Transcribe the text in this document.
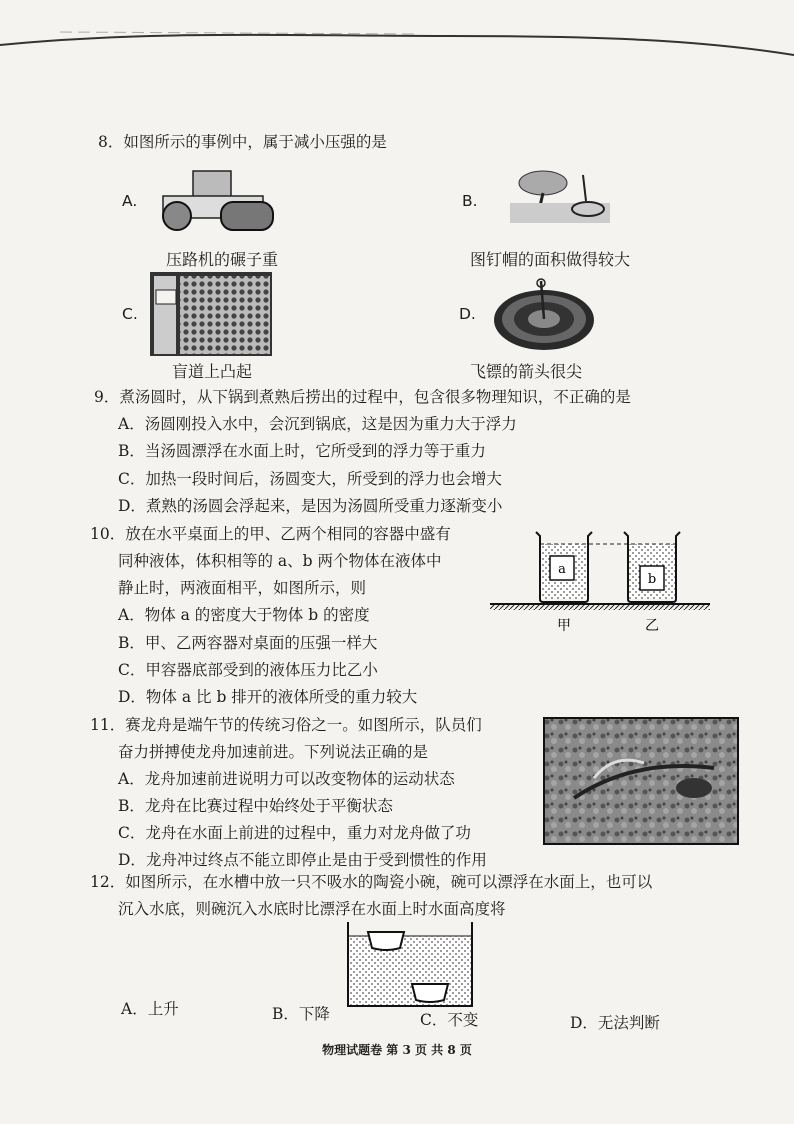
8．如图所示的事例中，属于减小压强的是
A.
压路机的碾子重
B.
图钉帽的面积做得较大
C.
盲道上凸起
D.
飞镖的箭头很尖
9．煮汤圆时，从下锅到煮熟后捞出的过程中，包含很多物理知识，不正确的是
A．汤圆刚投入水中，会沉到锅底，这是因为重力大于浮力
B．当汤圆漂浮在水面上时，它所受到的浮力等于重力
C．加热一段时间后，汤圆变大，所受到的浮力也会增大
D．煮熟的汤圆会浮起来，是因为汤圆所受重力逐渐变小
10．放在水平桌面上的甲、乙两个相同的容器中盛有
同种液体，体积相等的 a、b 两个物体在液体中
静止时，两液面相平，如图所示，则
A．物体 a 的密度大于物体 b 的密度
B．甲、乙两容器对桌面的压强一样大
C．甲容器底部受到的液体压力比乙小
D．物体 a 比 b 排开的液体所受的重力较大
a
b
甲	乙
11．赛龙舟是端午节的传统习俗之一。如图所示，队员们
奋力拼搏使龙舟加速前进。下列说法正确的是
A．龙舟加速前进说明力可以改变物体的运动状态
B．龙舟在比赛过程中始终处于平衡状态
C．龙舟在水面上前进的过程中，重力对龙舟做了功
D．龙舟冲过终点不能立即停止是由于受到惯性的作用
12．如图所示，在水槽中放一只不吸水的陶瓷小碗，碗可以漂浮在水面上，也可以
沉入水底，则碗沉入水底时比漂浮在水面上时水面高度将
A．上升	B．下降	C．不变	D．无法判断
物理试题卷 第 3 页 共 8 页
